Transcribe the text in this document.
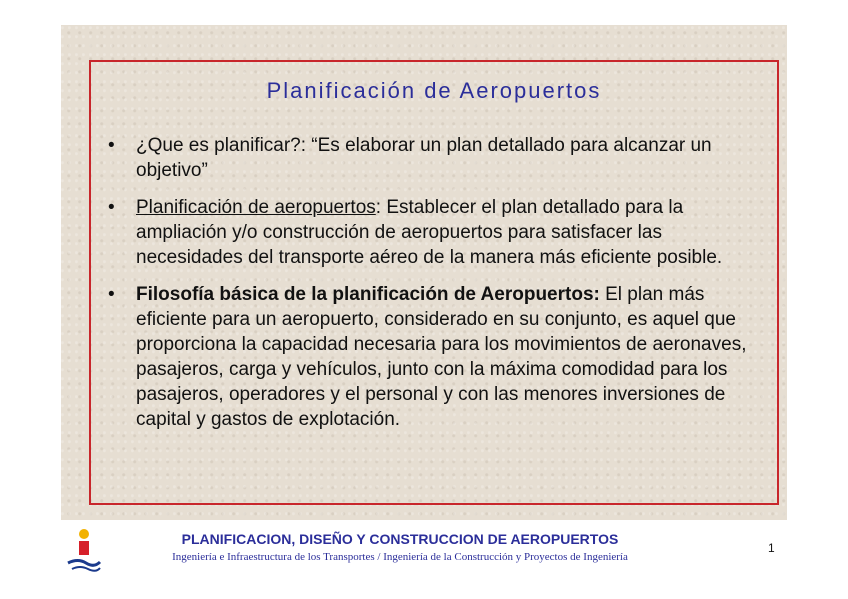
Planificación de Aeropuertos
• ¿Que es planificar?: “Es elaborar un plan detallado para alcanzar un objetivo”
• Planificación de aeropuertos: Establecer el plan detallado para la ampliación y/o construcción de aeropuertos para satisfacer las necesidades del transporte aéreo de la manera más eficiente posible.
• Filosofía básica de la planificación de Aeropuertos: El plan más eficiente para un aeropuerto, considerado en su conjunto, es aquel que proporciona la capacidad necesaria para los movimientos de aeronaves, pasajeros, carga y vehículos, junto con la máxima comodidad para los pasajeros, operadores y el personal y con las menores inversiones de capital y gastos de explotación.
PLANIFICACION, DISEÑO Y CONSTRUCCION DE AEROPUERTOS
Ingeniería e Infraestructura de los Transportes / Ingeniería de la Construcción y Proyectos de Ingeniería
1
